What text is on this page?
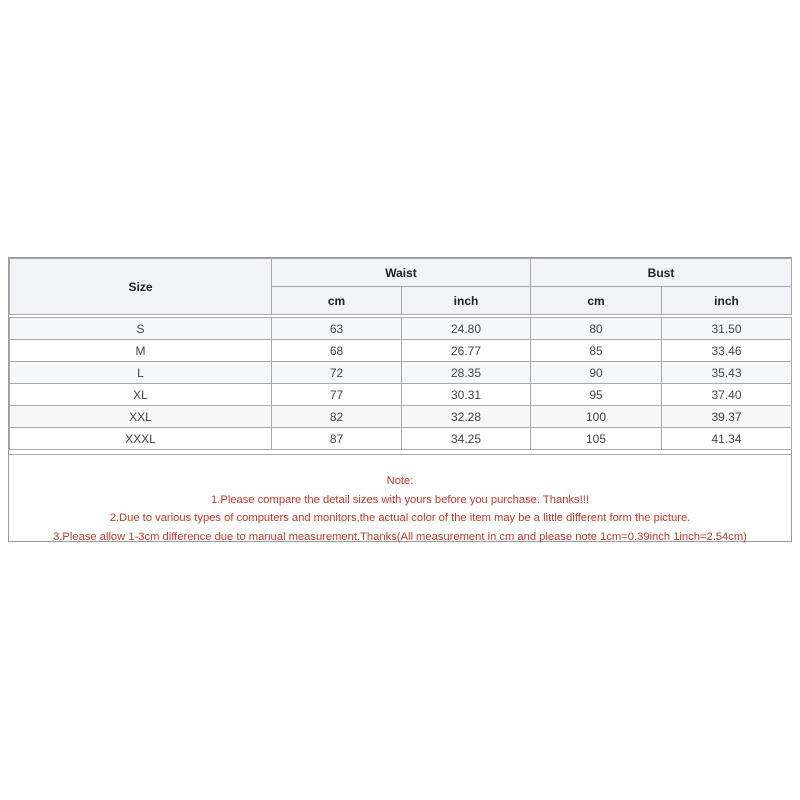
Size	Waist		Bust	
	cm	inch	cm	inch

S	63	24.80	80	31.50
M	68	26.77	85	33.46
L	72	28.35	90	35.43
XL	77	30.31	95	37.40
XXL	82	32.28	100	39.37
XXXL	87	34.25	105	41.34

Note:

1.Please compare the detail sizes with yours before you purchase. Thanks!!!

2.Due to various types of computers and monitors,the actual color of the item may be a little different form the picture.

3.Please allow 1-3cm difference due to manual measurement.Thanks(All measurement in cm and please note 1cm=0.39inch 1inch=2.54cm)
